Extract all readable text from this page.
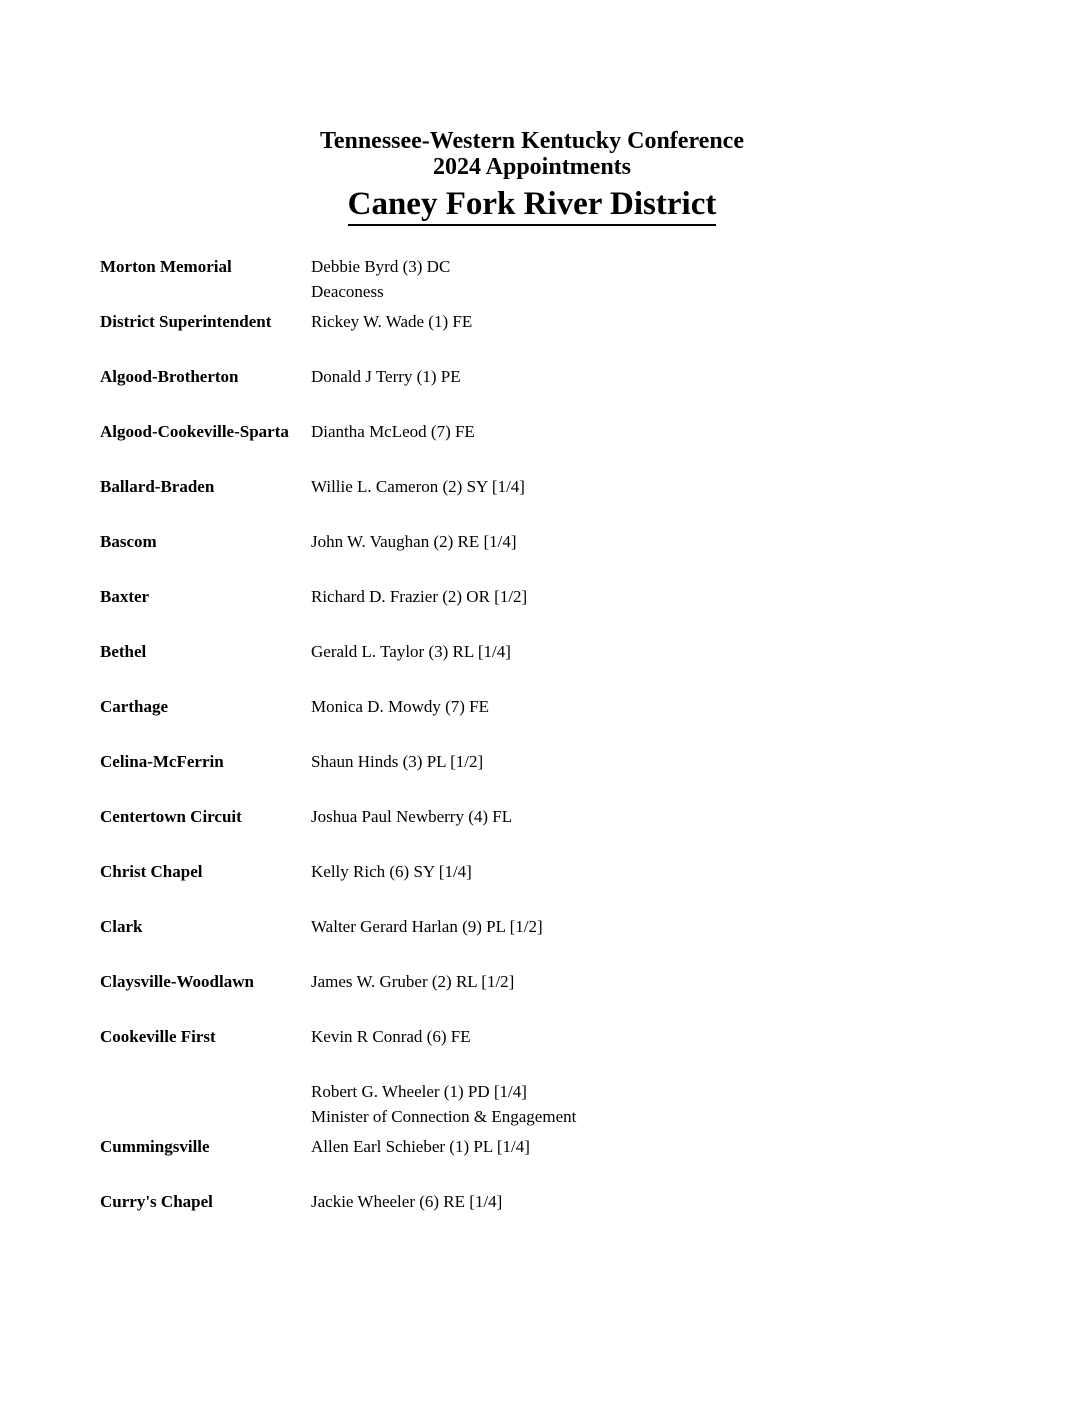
Tennessee-Western Kentucky Conference
2024 Appointments
Caney Fork River District
Morton Memorial	Debbie Byrd (3) DC
Deaconess
District Superintendent	Rickey W. Wade (1) FE
Algood-Brotherton	Donald J Terry (1) PE
Algood-Cookeville-Sparta	Diantha McLeod (7) FE
Ballard-Braden	Willie L. Cameron (2) SY [1/4]
Bascom	John W. Vaughan (2) RE [1/4]
Baxter	Richard D. Frazier (2) OR [1/2]
Bethel	Gerald L. Taylor (3) RL [1/4]
Carthage	Monica D. Mowdy (7) FE
Celina-McFerrin	Shaun Hinds (3) PL [1/2]
Centertown Circuit	Joshua Paul Newberry (4) FL
Christ Chapel	Kelly Rich (6) SY [1/4]
Clark	Walter Gerard Harlan (9) PL [1/2]
Claysville-Woodlawn	James W. Gruber (2) RL [1/2]
Cookeville First	Kevin R Conrad (6) FE
Robert G. Wheeler (1) PD [1/4]
Minister of Connection & Engagement
Cummingsville	Allen Earl Schieber (1) PL [1/4]
Curry's Chapel	Jackie Wheeler (6) RE [1/4]
